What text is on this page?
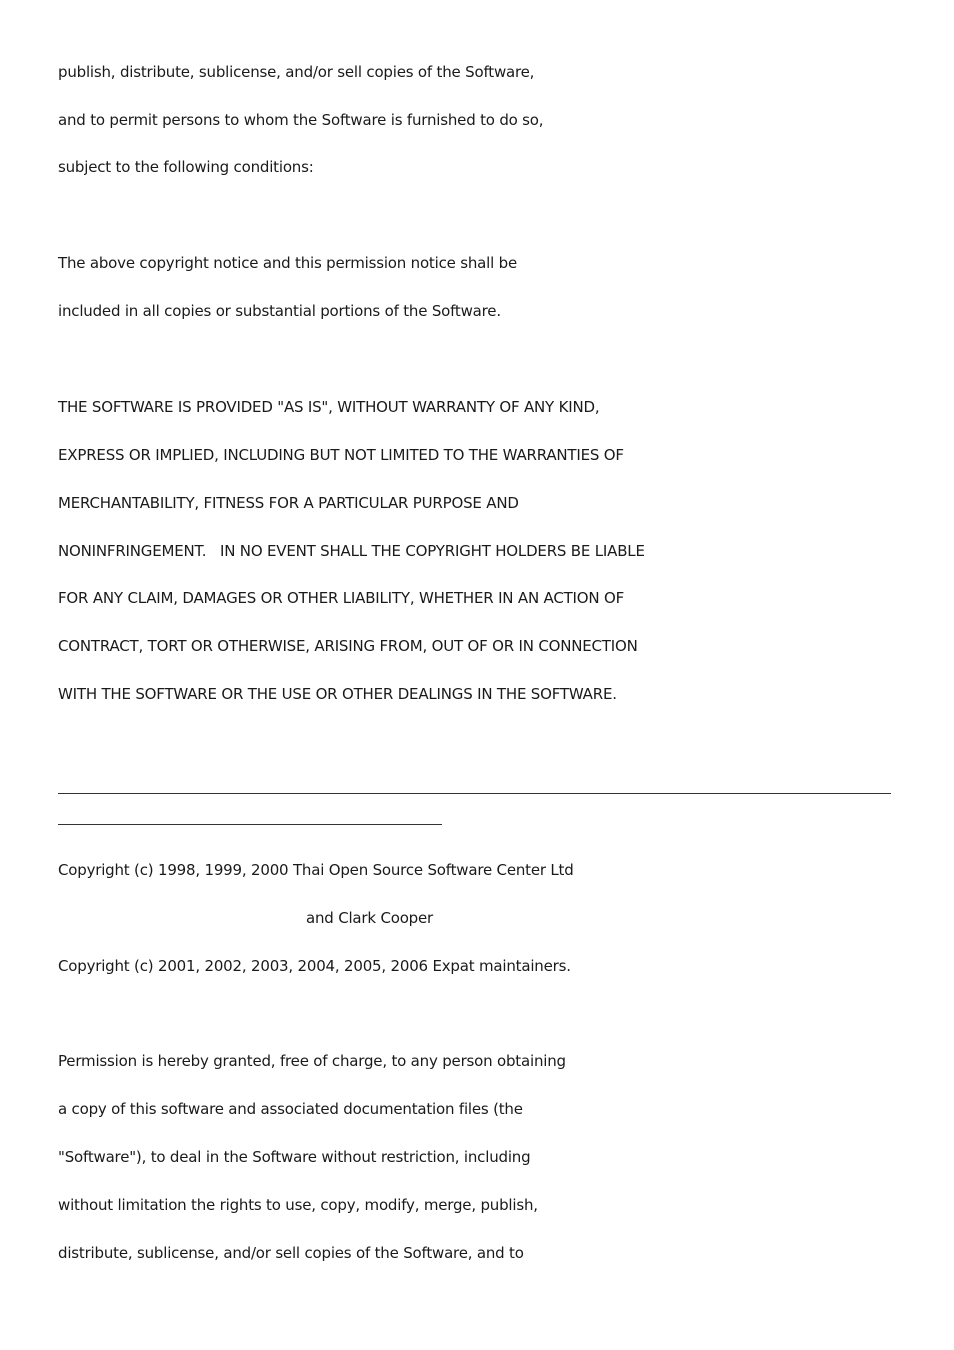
publish, distribute, sublicense, and/or sell copies of the Software,
and to permit persons to whom the Software is furnished to do so,
subject to the following conditions:
The above copyright notice and this permission notice shall be
included in all copies or substantial portions of the Software.
THE SOFTWARE IS PROVIDED "AS IS", WITHOUT WARRANTY OF ANY KIND,
EXPRESS OR IMPLIED, INCLUDING BUT NOT LIMITED TO THE WARRANTIES OF
MERCHANTABILITY, FITNESS FOR A PARTICULAR PURPOSE AND
NONINFRINGEMENT.   IN NO EVENT SHALL THE COPYRIGHT HOLDERS BE LIABLE
FOR ANY CLAIM, DAMAGES OR OTHER LIABILITY, WHETHER IN AN ACTION OF
CONTRACT, TORT OR OTHERWISE, ARISING FROM, OUT OF OR IN CONNECTION
WITH THE SOFTWARE OR THE USE OR OTHER DEALINGS IN THE SOFTWARE.
Copyright (c) 1998, 1999, 2000 Thai Open Source Software Center Ltd
and Clark Cooper
Copyright (c) 2001, 2002, 2003, 2004, 2005, 2006 Expat maintainers.
Permission is hereby granted, free of charge, to any person obtaining
a copy of this software and associated documentation files (the
"Software"), to deal in the Software without restriction, including
without limitation the rights to use, copy, modify, merge, publish,
distribute, sublicense, and/or sell copies of the Software, and to
